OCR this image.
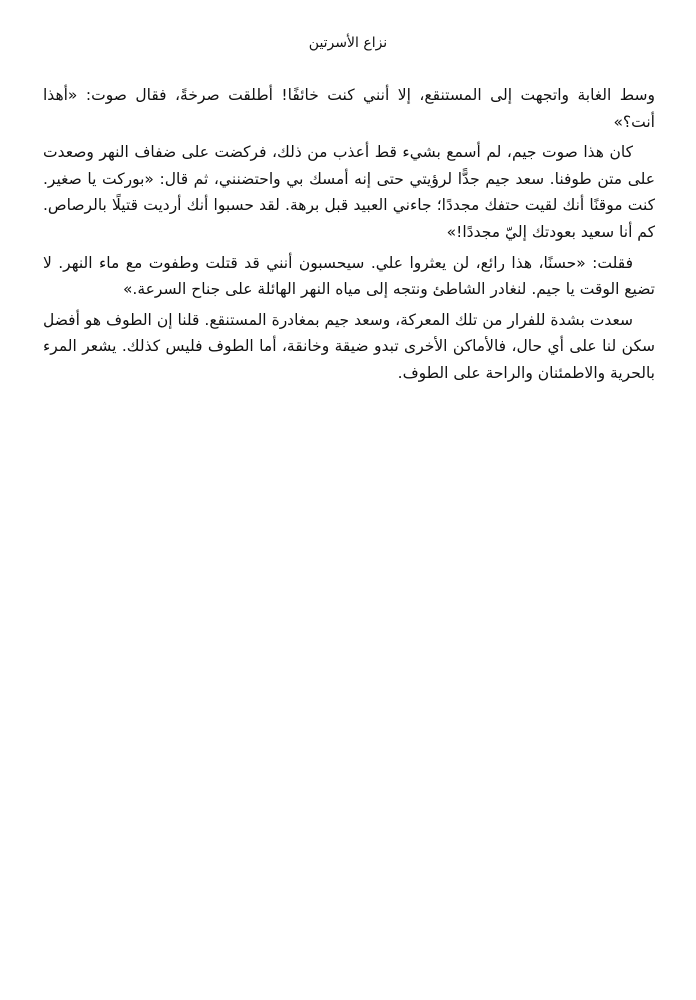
نزاع الأسرتين

وسط الغابة واتجهت إلى المستنقع، إلا أنني كنت خائفًا! أطلقت صرخةً، فقال صوت: «أهذا أنت؟»

كان هذا صوت جيم، لم أسمع بشيء قط أعذب من ذلك، فركضت على ضفاف النهر وصعدت على متن طوفنا. سعد جيم جدًّا لرؤيتي حتى إنه أمسك بي واحتضنني، ثم قال: «بوركت يا صغير. كنت موقنًا أنك لقيت حتفك مجددًا؛ جاءني العبيد قبل برهة. لقد حسبوا أنك أرديت قتيلًا بالرصاص. كم أنا سعيد بعودتك إليّ مجددًا!»

فقلت: «حسنًا، هذا رائع، لن يعثروا علي. سيحسبون أنني قد قتلت وطفوت مع ماء النهر. لا تضيع الوقت يا جيم. لنغادر الشاطئ ونتجه إلى مياه النهر الهائلة على جناح السرعة.»

سعدت بشدة للفرار من تلك المعركة، وسعد جيم بمغادرة المستنقع. قلنا إن الطوف هو أفضل سكن لنا على أي حال، فالأماكن الأخرى تبدو ضيقة وخانقة، أما الطوف فليس كذلك. يشعر المرء بالحرية والاطمئنان والراحة على الطوف.
